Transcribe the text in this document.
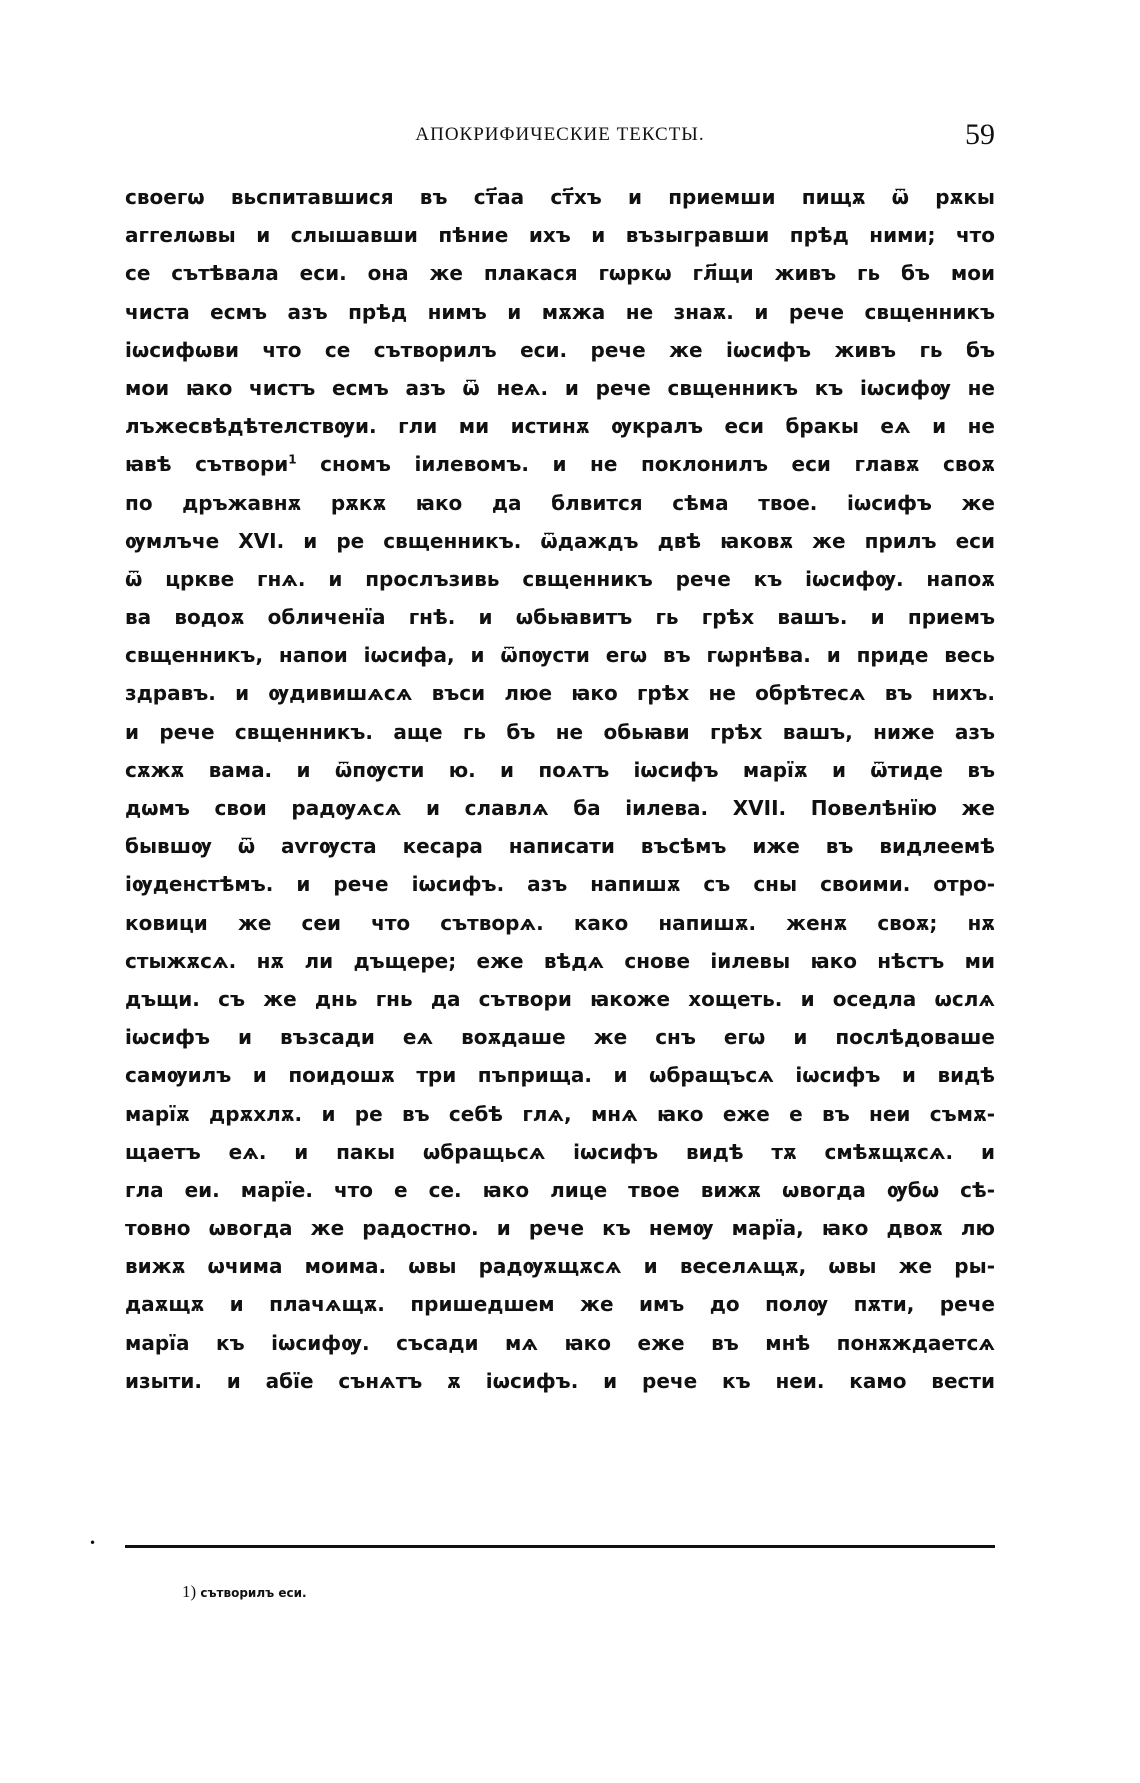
АПОКРИФИЧЕСКИЕ ТЕКСТЫ.	59
своегѡ вьспитавшися въ ст҃аа ст҃хъ и приемши пищѫ ѿ рѫкы
аггелѡвы и слышавши пѣние ихъ и възыгравши прѣд ними; что
се сътѣвала еси. она же плакася гѡркѡ гл҃щи живъ гь бъ мои
чиста есмъ азъ прѣд нимъ и мѫжа не знаѫ. и рече свщенникъ
іѡсифѡви что се сътворилъ еси. рече же іѡсифъ живъ гь бъ
мои ꙗко чистъ есмъ азъ ѿ неѧ. и рече свщенникъ къ іѡсифѹ не
лъжесвѣдѣтелствѹи. гли ми истинѫ ѹкралъ еси бракы еѧ и не
ꙗвѣ сътвори$^1$ сномъ іилевомъ. и не поклонилъ еси главѫ своѫ
по дръжавнѫ рѫкѫ ꙗко да блвится сѣма твое. іѡсифъ же
ѹмлъче XVI. и ре свщенникъ. ѿдаждъ двѣ ꙗковѫ же прилъ еси
ѿ црквe гнѧ. и прослъзивь свщенникъ рече къ іѡсифѹ. напоѫ
ва водоѫ обличенїа гнѣ. и ѡбьꙗвитъ гь грѣх вашъ. и приемъ
свщенникъ, напои іѡсифа, и ѿпѹсти егѡ въ гѡрнѣва. и приде весь
здравъ. и ѹдивишѧсѧ въси люе ꙗко грѣх не обрѣтесѧ въ нихъ.
и рече свщенникъ. аще гь бъ не обьꙗви грѣх вашъ, ниже азъ
сѫжѫ вама. и ѿпѹсти ю. и поѧтъ іѡсифъ марїѫ и ѿтиде въ
дѡмъ свои радѹѧсѧ и славлѧ ба іилева. XVII. Повелѣнїю же
бывшѹ ѿ аѵгѹста кесара написати въсѣмъ иже въ видлеемѣ
іѹденстѣмъ. и рече іѡсифъ. азъ напишѫ съ сны своими. отро-
ковици же сеи что сътворѧ. како напишѫ. женѫ своѫ; нѫ
стыжѫсѧ. нѫ ли дъщере; еже вѣдѧ снове іилевы ꙗко нѣстъ ми
дъщи. съ же днь гнь да сътвори ꙗкоже хощеть. и оседла ѡслѧ
іѡсифъ и възсади еѧ воѫдаше же снъ егѡ и послѣдоваше
самѹилъ и поидошѫ три пъприща. и ѡбращъсѧ іѡсифъ и видѣ
марїѫ дрѫхлѫ. и ре въ себѣ глѧ, мнѧ ꙗко еже е въ неи съмѫ-
щаетъ еѧ. и пакы ѡбращьсѧ іѡсифъ видѣ тѫ смѣѫщѫсѧ. и
гла еи. марїе. что е се. ꙗко лице твое вижѫ ѡвогда ѹбѡ сѣ-
товно ѡвогда же радостно. и рече къ немѹ марїа, ꙗко двоѫ лю
вижѫ ѡчима моима. ѡвы радѹѫщѫсѧ и веселѧщѫ, ѡвы же ры-
даѫщѫ и плачѧщѫ. пришедшем же имъ до полѹ пѫти, рече
марїа къ іѡсифѹ. съсади мѧ ꙗко еже въ мнѣ понѫждаетсѧ
изыти. и абїе сънѧтъ ѫ іѡсифъ. и рече къ неи. камо вести
•
1) сътворилъ еси.
